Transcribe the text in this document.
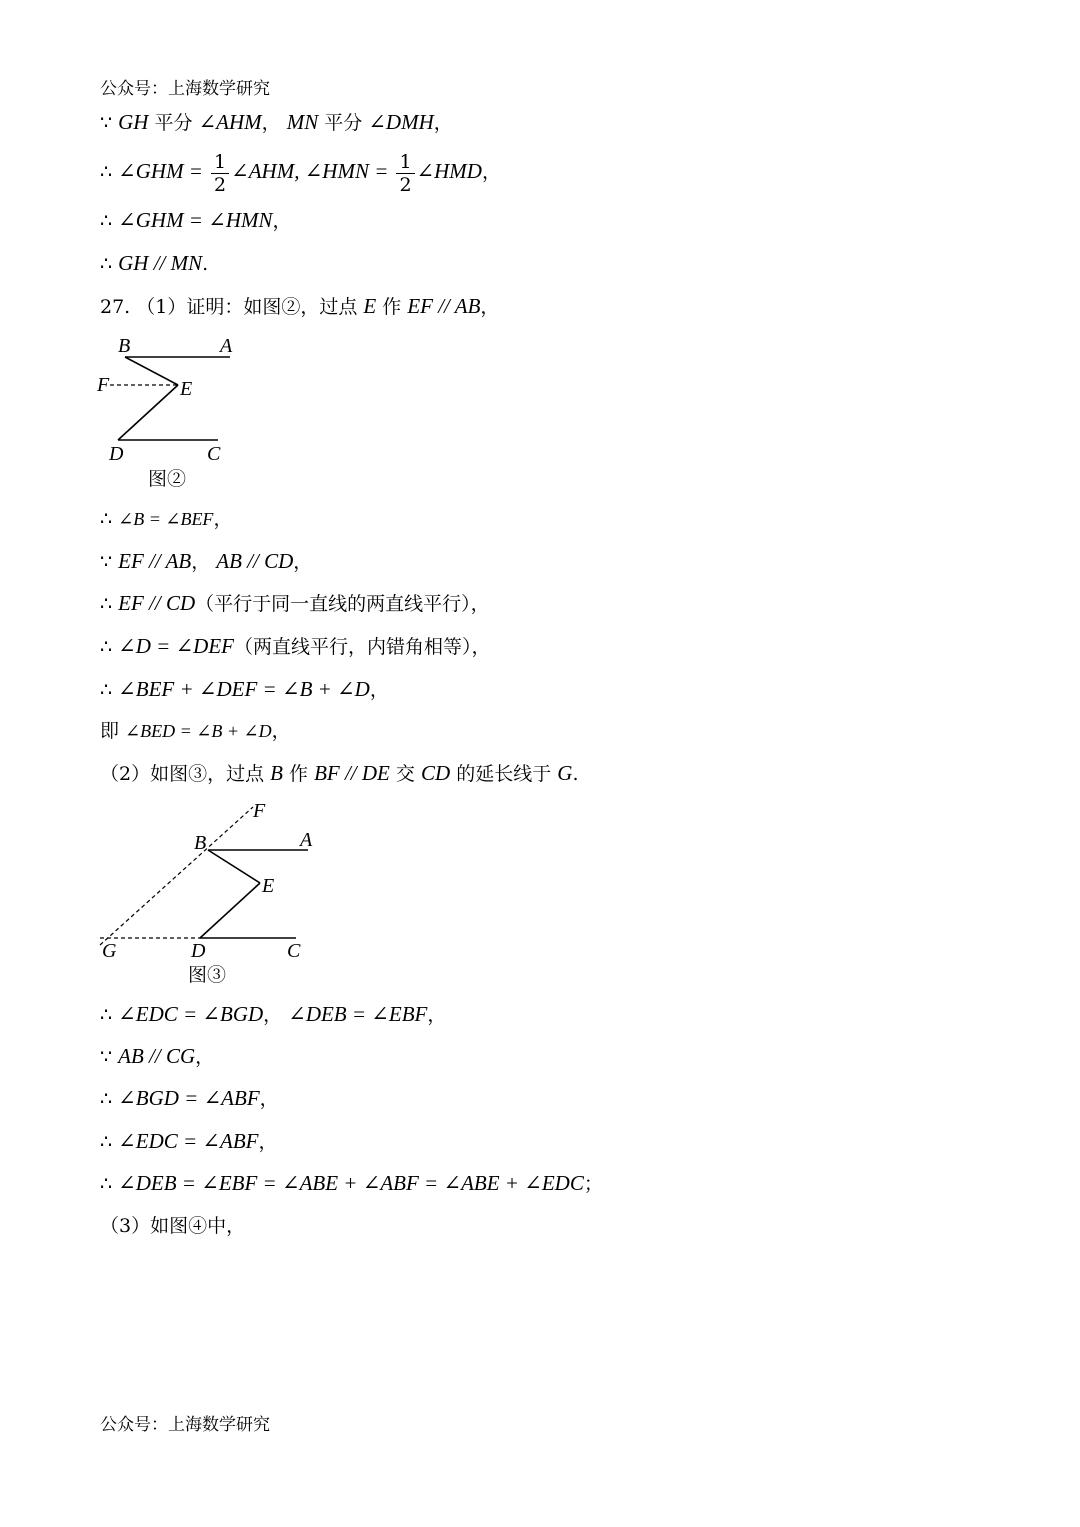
公众号：上海数学研究
∵ GH 平分 ∠AHM， MN 平分 ∠DMH，
∴ ∠GHM = $\frac{1}{2}$ ∠AHM, ∠HMN = $\frac{1}{2}$ ∠HMD，
∴ ∠GHM = ∠HMN，
∴ GH // MN.
27. （1）证明：如图②，过点 E 作 EF // AB，
B	A
F	E
D	C
图②
∴ ∠B = ∠BEF，
∵ EF // AB， AB // CD，
∴ EF // CD（平行于同一直线的两直线平行），
∴ ∠D = ∠DEF（两直线平行，内错角相等），
∴ ∠BEF + ∠DEF = ∠B + ∠D，
即 ∠BED = ∠B + ∠D，
（2）如图③，过点 B 作 BF // DE 交 CD 的延长线于 G.
F
B	A
E
G	D	C
图③
∴ ∠EDC = ∠BGD， ∠DEB = ∠EBF，
∵ AB // CG，
∴ ∠BGD = ∠ABF，
∴ ∠EDC = ∠ABF，
∴ ∠DEB = ∠EBF = ∠ABE + ∠ABF = ∠ABE + ∠EDC；
（3）如图④中，
公众号：上海数学研究
